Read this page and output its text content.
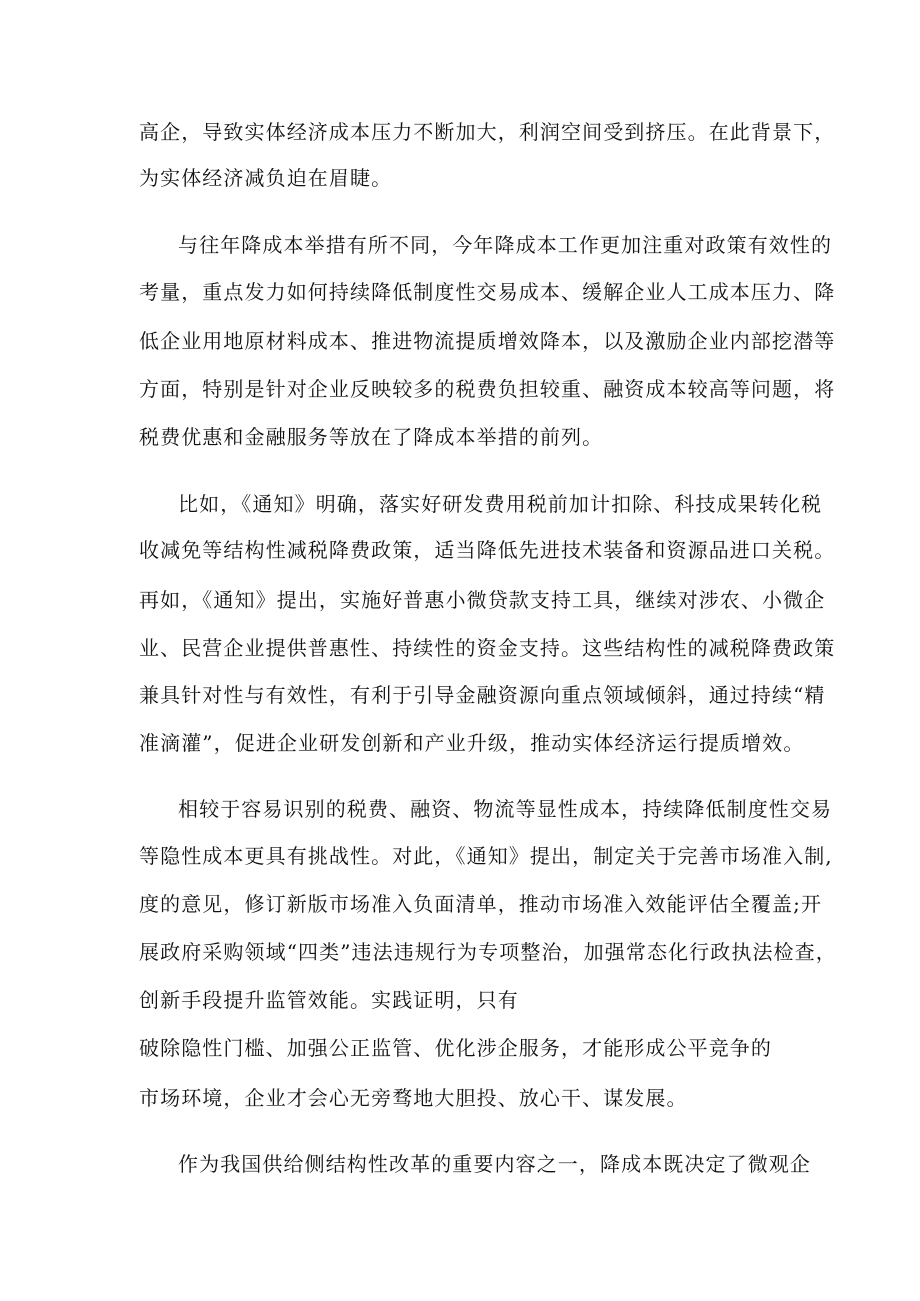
高企，导致实体经济成本压力不断加大，利润空间受到挤压。在此背景下，
为实体经济减负迫在眉睫。
与往年降成本举措有所不同，今年降成本工作更加注重对政策有效性的
考量，重点发力如何持续降低制度性交易成本、缓解企业人工成本压力、降
低企业用地原材料成本、推进物流提质增效降本，以及激励企业内部挖潜等
方面，特别是针对企业反映较多的税费负担较重、融资成本较高等问题，将
税费优惠和金融服务等放在了降成本举措的前列。
比如，《通知》明确，落实好研发费用税前加计扣除、科技成果转化税
收减免等结构性减税降费政策，适当降低先进技术装备和资源品进口关税。
再如，《通知》提出，实施好普惠小微贷款支持工具，继续对涉农、小微企
业、民营企业提供普惠性、持续性的资金支持。这些结构性的减税降费政策
兼具针对性与有效性，有利于引导金融资源向重点领域倾斜，通过持续“精
准滴灌”，促进企业研发创新和产业升级，推动实体经济运行提质增效。
相较于容易识别的税费、融资、物流等显性成本，持续降低制度性交易
等隐性成本更具有挑战性。对此，《通知》提出，制定关于完善市场准入制,
度的意见，修订新版市场准入负面清单，推动市场准入效能评估全覆盖;开
展政府采购领域“四类”违法违规行为专项整治，加强常态化行政执法检查，
创新手段提升监管效能。实践证明，只有
破除隐性门槛、加强公正监管、优化涉企服务，才能形成公平竞争的
市场环境，企业才会心无旁骛地大胆投、放心干、谋发展。
作为我国供给侧结构性改革的重要内容之一，降成本既决定了微观企
